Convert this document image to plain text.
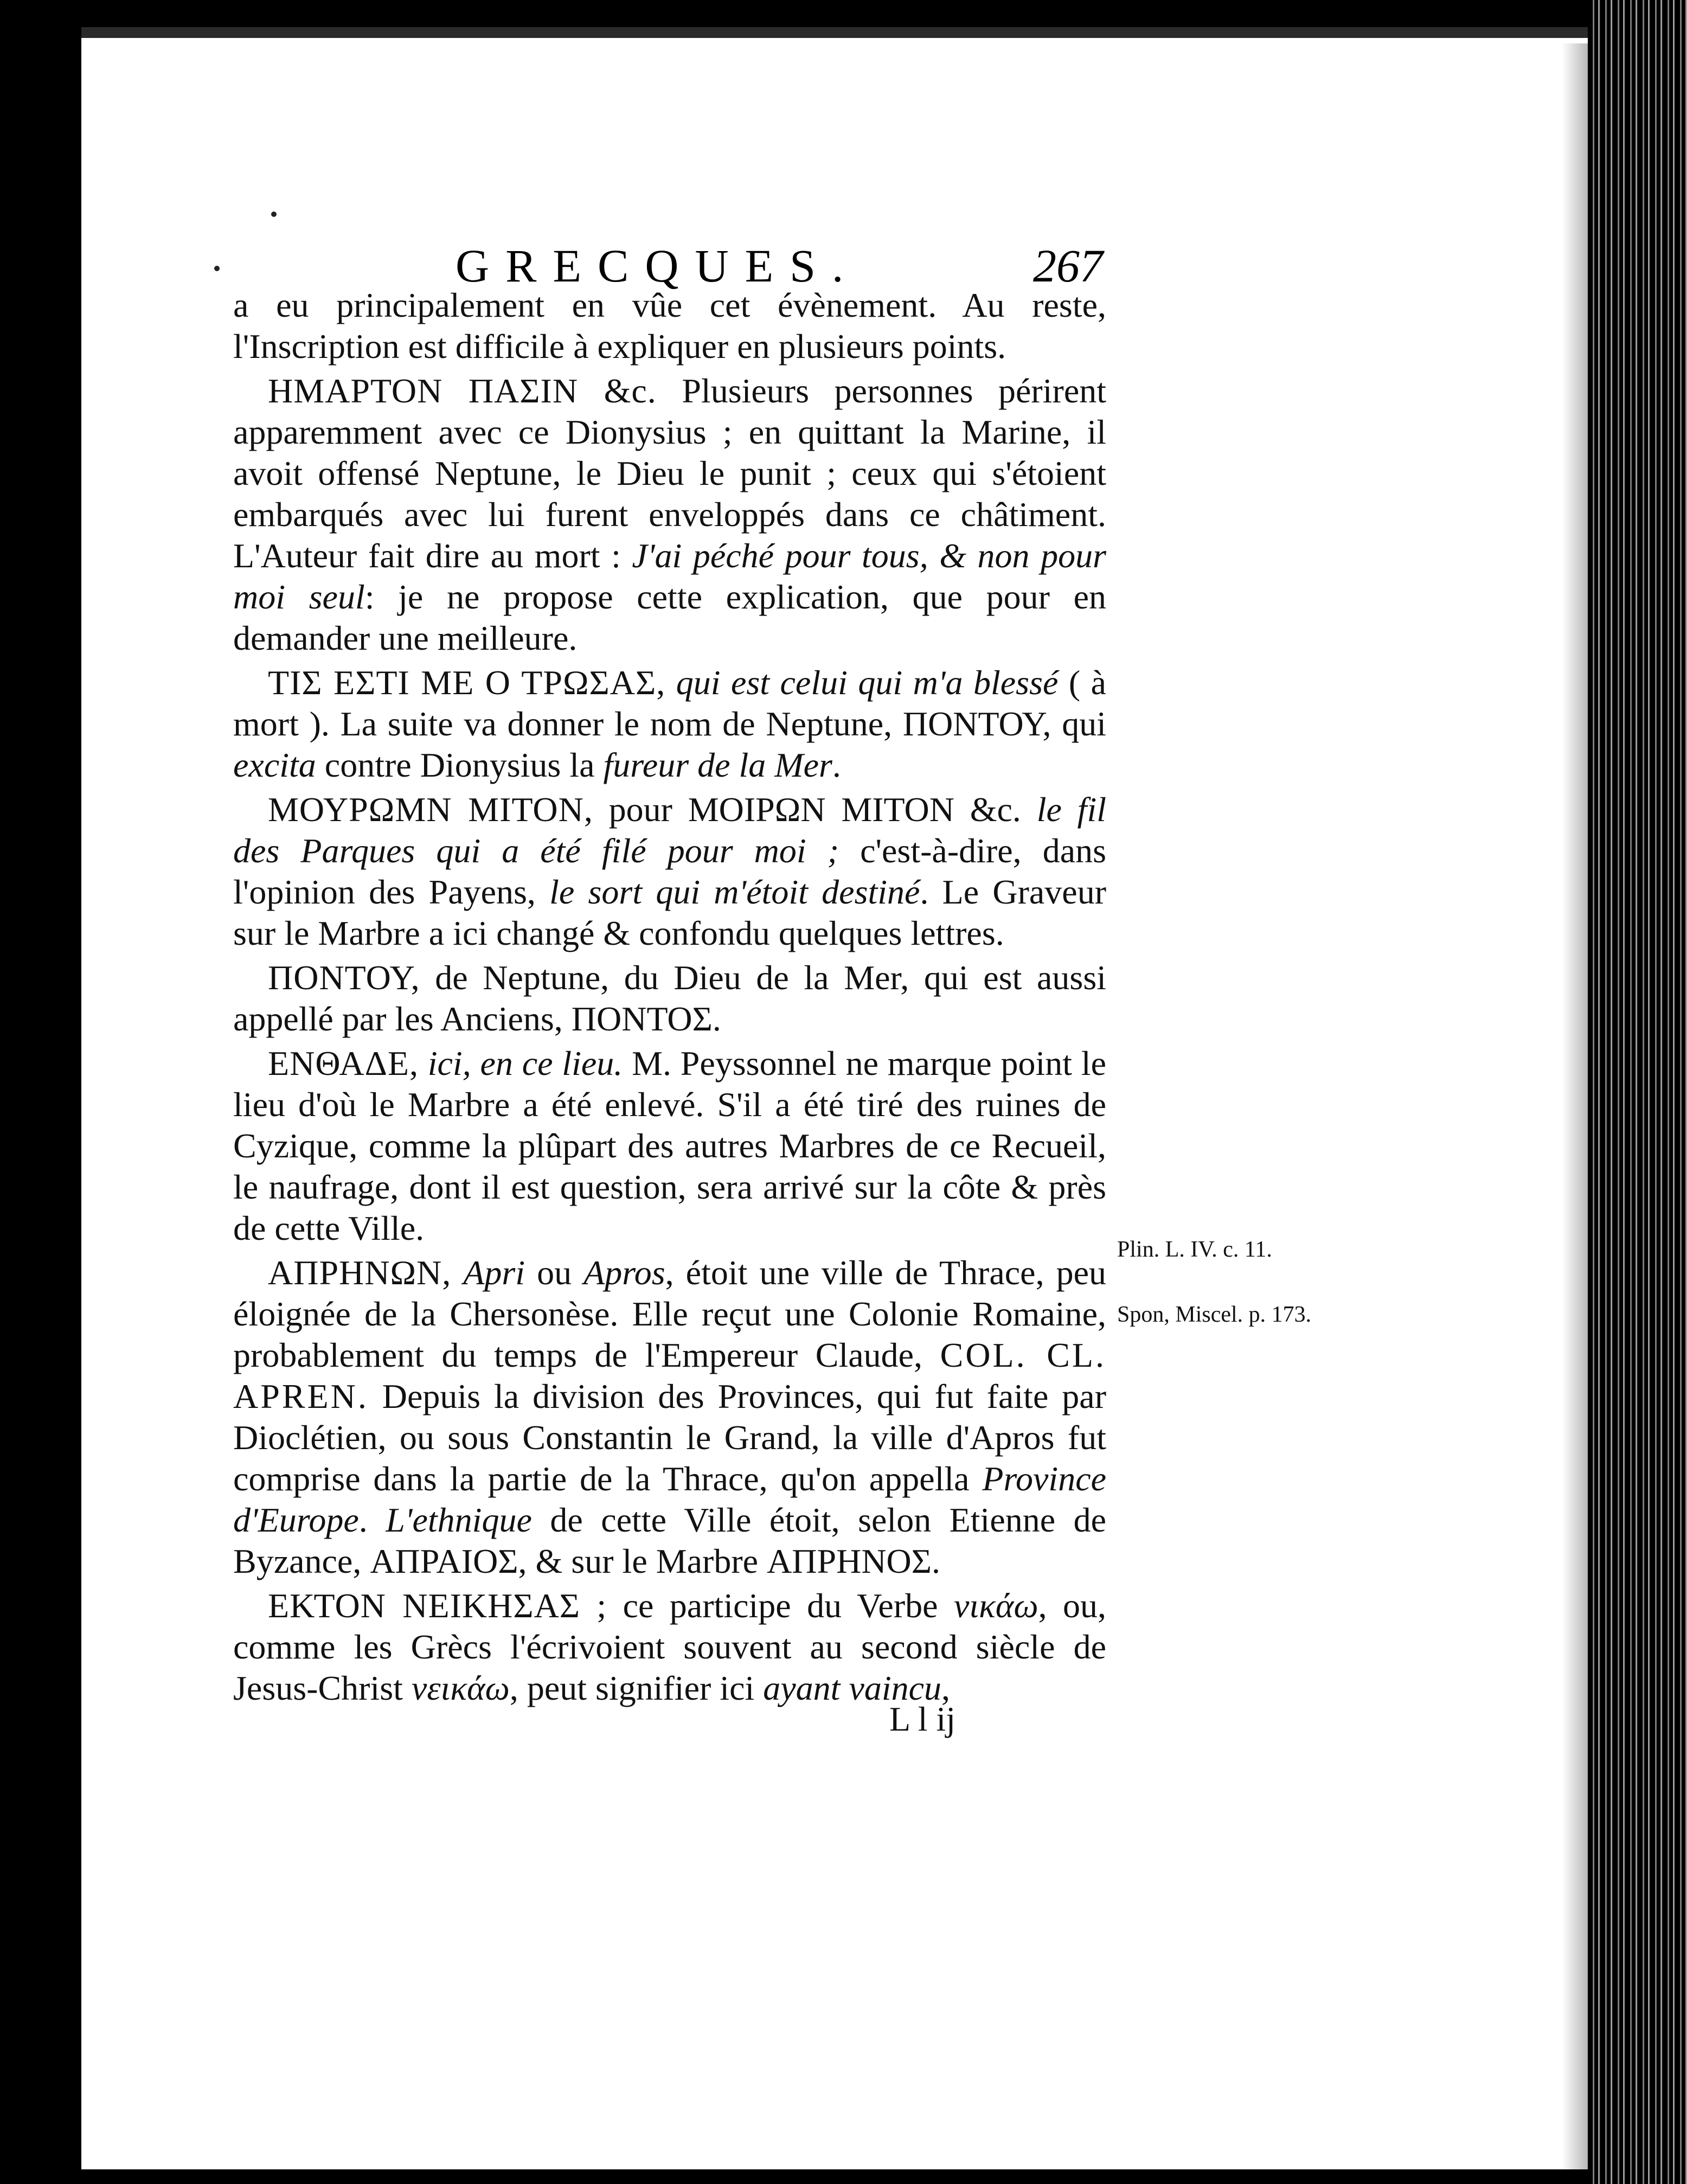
GRECQUES.	267

a eu principalement en vûe cet évènement. Au reste, l'Inscription est difficile à expliquer en plusieurs points.

ΗΜΑΡΤΟΝ ΠΑΣΙΝ &c. Plusieurs personnes périrent apparemment avec ce Dionysius ; en quittant la Marine, il avoit offensé Neptune, le Dieu le punit ; ceux qui s'étoient embarqués avec lui furent enveloppés dans ce châtiment. L'Auteur fait dire au mort : J'ai péché pour tous, & non pour moi seul: je ne propose cette explication, que pour en demander une meilleure.

ΤΙΣ ΕΣΤΙ ΜΕ Ο ΤΡΩΣΑΣ, qui est celui qui m'a blessé ( à mort ). La suite va donner le nom de Neptune, ΠΟΝΤΟΥ, qui excita contre Dionysius la fureur de la Mer.

ΜΟΥΡΩΜΝ ΜΙΤΟΝ, pour ΜΟΙΡΩΝ ΜΙΤΟΝ &c. le fil des Parques qui a été filé pour moi ; c'est-à-dire, dans l'opinion des Payens, le sort qui m'étoit destiné. Le Graveur sur le Marbre a ici changé & confondu quelques lettres.

ΠΟΝΤΟΥ, de Neptune, du Dieu de la Mer, qui est aussi appellé par les Anciens, ΠΟΝΤΟΣ.

ΕΝΘΑΔΕ, ici, en ce lieu. M. Peyssonnel ne marque point le lieu d'où le Marbre a été enlevé. S'il a été tiré des ruines de Cyzique, comme la plûpart des autres Marbres de ce Recueil, le naufrage, dont il est question, sera arrivé sur la côte & près de cette Ville.

ΑΠΡΗΝΩΝ, Apri ou Apros, étoit une ville de Thrace, peu éloignée de la Chersonèse. Elle reçut une Colonie Romaine, probablement du temps de l'Empereur Claude, COL. CL. APREN. Depuis la division des Provinces, qui fut faite par Dioclétien, ou sous Constantin le Grand, la ville d'Apros fut comprise dans la partie de la Thrace, qu'on appella Province d'Europe. L'ethnique de cette Ville étoit, selon Etienne de Byzance, ΑΠΡΑΙΟΣ, & sur le Marbre ΑΠΡΗΝΟΣ.

ΕΚΤΟΝ ΝΕΙΚΗΣΑΣ ; ce participe du Verbe νικάω, ou, comme les Grècs l'écrivoient souvent au second siècle de Jesus-Christ νεικάω, peut signifier ici ayant vaincu,

L l ij
Plin. L. IV. c. 11.
Spon, Miscel. p. 173.
